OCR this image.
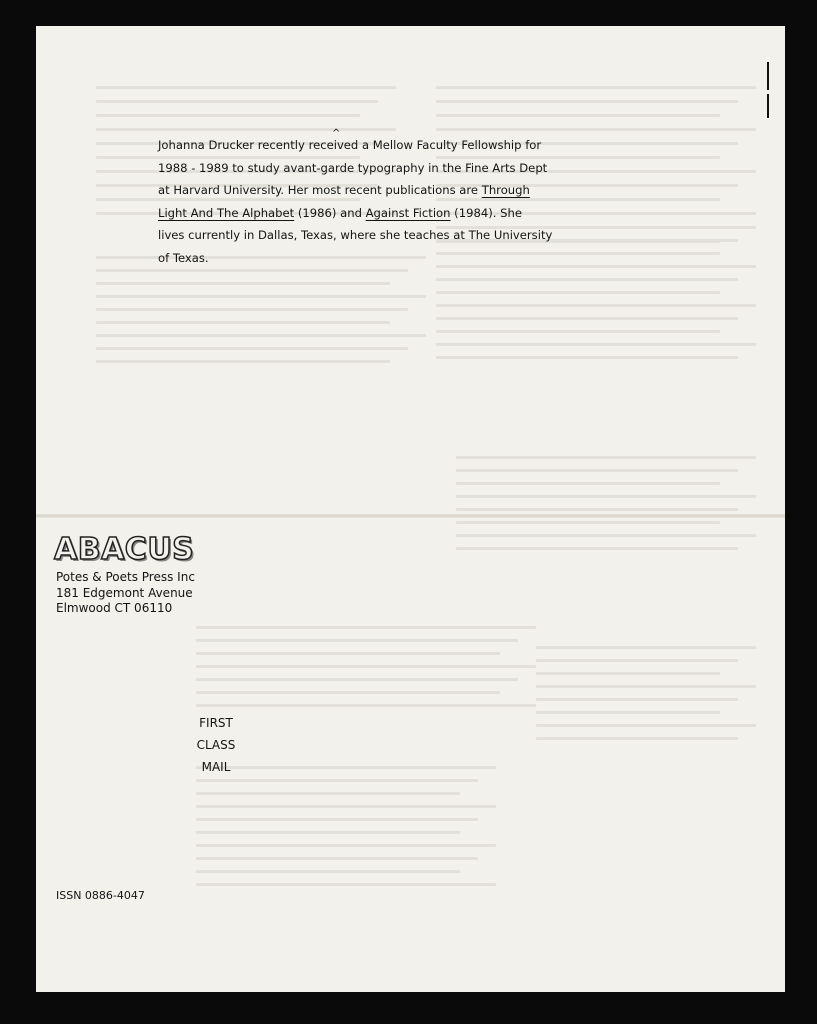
^
Johanna Drucker recently received a Mellow Faculty Fellowship for
1988 - 1989 to study avant-garde typography in the Fine Arts Dept
at Harvard University. Her most recent publications are Through
Light And The Alphabet (1986) and Against Fiction (1984). She
lives currently in Dallas, Texas, where she teaches at The University
of Texas.
ABACUS
Potes & Poets Press Inc
181 Edgemont Avenue
Elmwood CT 06110
FIRST
CLASS
MAIL
ISSN 0886-4047
